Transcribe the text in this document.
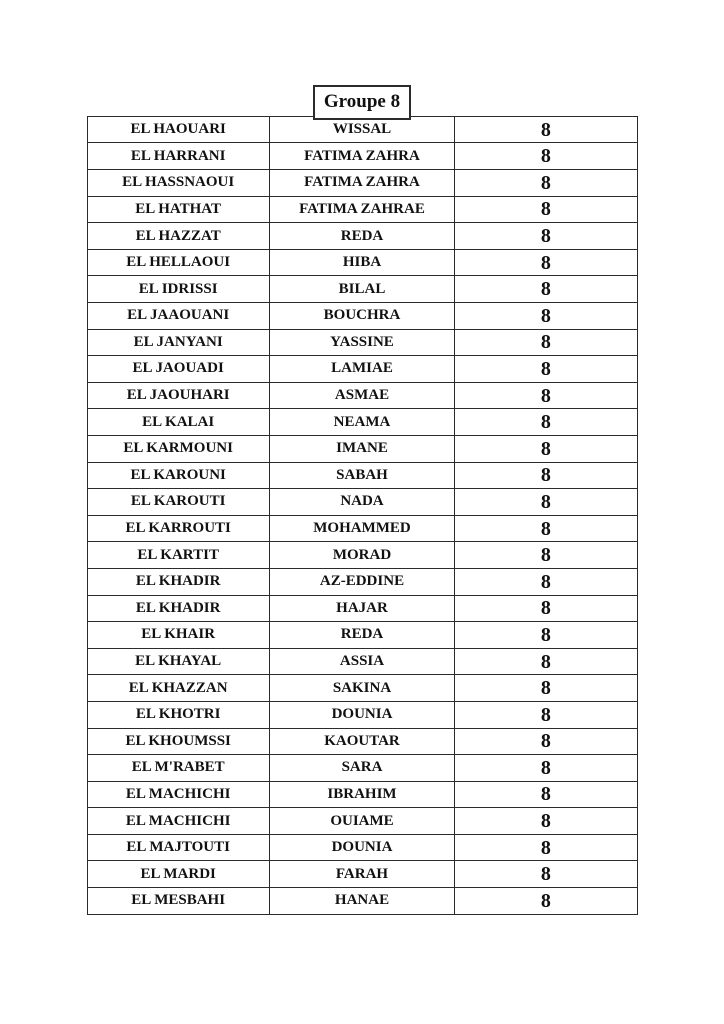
Groupe 8
EL HAOUARI	WISSAL	8
EL HARRANI	FATIMA ZAHRA	8
EL HASSNAOUI	FATIMA ZAHRA	8
EL HATHAT	FATIMA ZAHRAE	8
EL HAZZAT	REDA	8
EL HELLAOUI	HIBA	8
EL IDRISSI	BILAL	8
EL JAAOUANI	BOUCHRA	8
EL JANYANI	YASSINE	8
EL JAOUADI	LAMIAE	8
EL JAOUHARI	ASMAE	8
EL KALAI	NEAMA	8
EL KARMOUNI	IMANE	8
EL KAROUNI	SABAH	8
EL KAROUTI	NADA	8
EL KARROUTI	MOHAMMED	8
EL KARTIT	MORAD	8
EL KHADIR	AZ-EDDINE	8
EL KHADIR	HAJAR	8
EL KHAIR	REDA	8
EL KHAYAL	ASSIA	8
EL KHAZZAN	SAKINA	8
EL KHOTRI	DOUNIA	8
EL KHOUMSSI	KAOUTAR	8
EL M'RABET	SARA	8
EL MACHICHI	IBRAHIM	8
EL MACHICHI	OUIAME	8
EL MAJTOUTI	DOUNIA	8
EL MARDI	FARAH	8
EL MESBAHI	HANAE	8
